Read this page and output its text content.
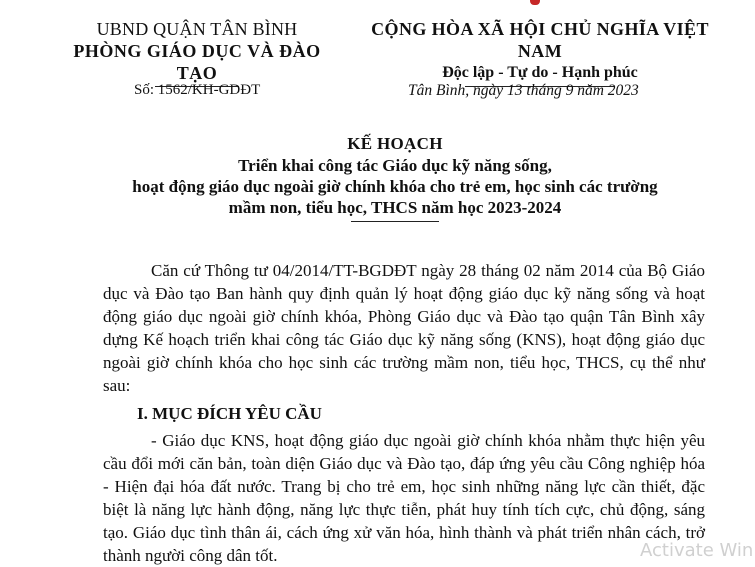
UBND QUẬN TÂN BÌNH
PHÒNG GIÁO DỤC VÀ ĐÀO TẠO
CỘNG HÒA XÃ HỘI CHỦ NGHĨA VIỆT NAM
Độc lập - Tự do - Hạnh phúc
Số: 1562/KH-GDĐT	Tân Bình, ngày 13 tháng 9 năm 2023
KẾ HOẠCH
Triển khai công tác Giáo dục kỹ năng sống,
hoạt động giáo dục ngoài giờ chính khóa cho trẻ em, học sinh các trường
mầm non, tiểu học, THCS năm học 2023-2024

Căn cứ Thông tư 04/2014/TT-BGDĐT ngày 28 tháng 02 năm 2014 của Bộ Giáo dục và Đào tạo Ban hành quy định quản lý hoạt động giáo dục kỹ năng sống và hoạt động giáo dục ngoài giờ chính khóa, Phòng Giáo dục và Đào tạo quận Tân Bình xây dựng Kế hoạch triển khai công tác Giáo dục kỹ năng sống (KNS), hoạt động giáo dục ngoài giờ chính khóa cho học sinh các trường mầm non, tiểu học, THCS, cụ thể như sau:

I. MỤC ĐÍCH YÊU CẦU

- Giáo dục KNS, hoạt động giáo dục ngoài giờ chính khóa nhằm thực hiện yêu cầu đổi mới căn bản, toàn diện Giáo dục và Đào tạo, đáp ứng yêu cầu Công nghiệp hóa - Hiện đại hóa đất nước. Trang bị cho trẻ em, học sinh những năng lực cần thiết, đặc biệt là năng lực hành động, năng lực thực tiễn, phát huy tính tích cực, chủ động, sáng tạo. Giáo dục tình thân ái, cách ứng xử văn hóa, hình thành và phát triển nhân cách, trở thành người công dân tốt.	Activate Win
